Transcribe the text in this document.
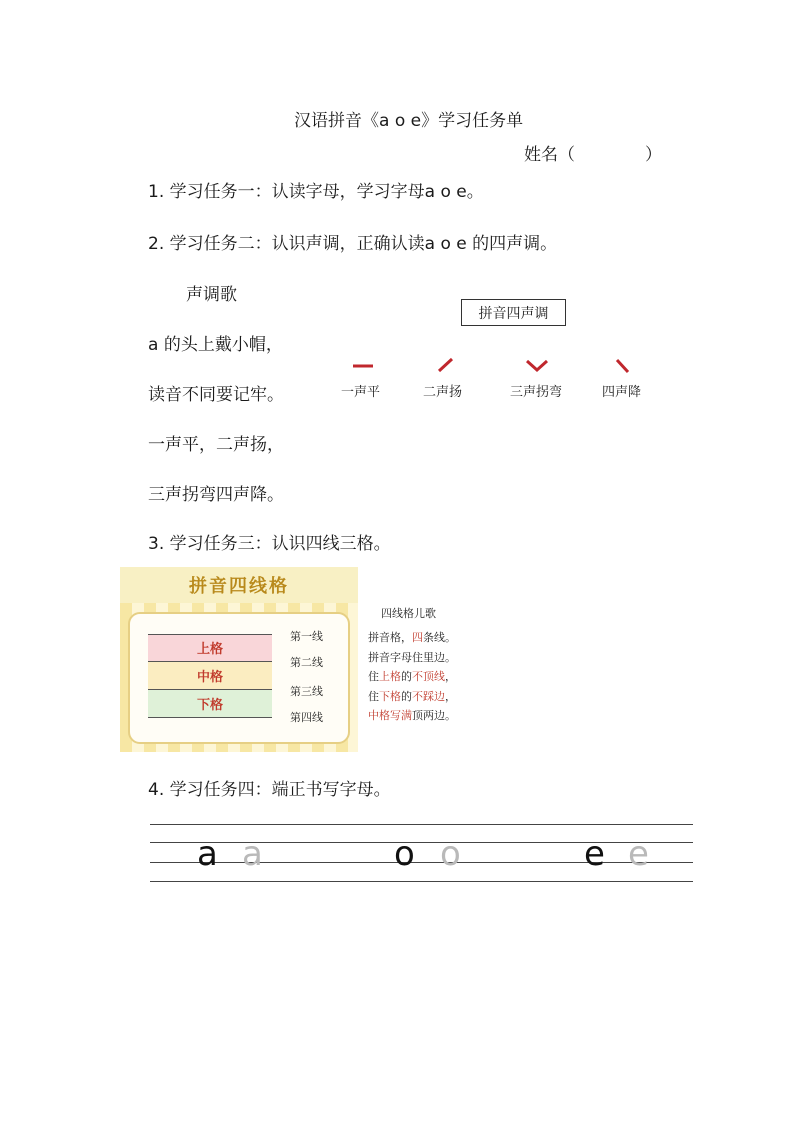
汉语拼音《a o e》学习任务单
姓名（	）
1. 学习任务一：认读字母，学习字母a o e。
2. 学习任务二：认识声调，正确认读a o e 的四声调。
声调歌
a 的头上戴小帽，
读音不同要记牢。
一声平，二声扬，
三声拐弯四声降。
拼音四声调
一声平	二声扬	三声拐弯	四声降
3. 学习任务三：认识四线三格。
拼音四线格
上格
中格
下格
第一线
第二线
第三线
第四线
四线格儿歌
拼音格，四条线。
拼音字母住里边。
住上格的不顶线，
住下格的不踩边，
中格写满顶两边。
4. 学习任务四：端正书写字母。
a a	o o	e e
